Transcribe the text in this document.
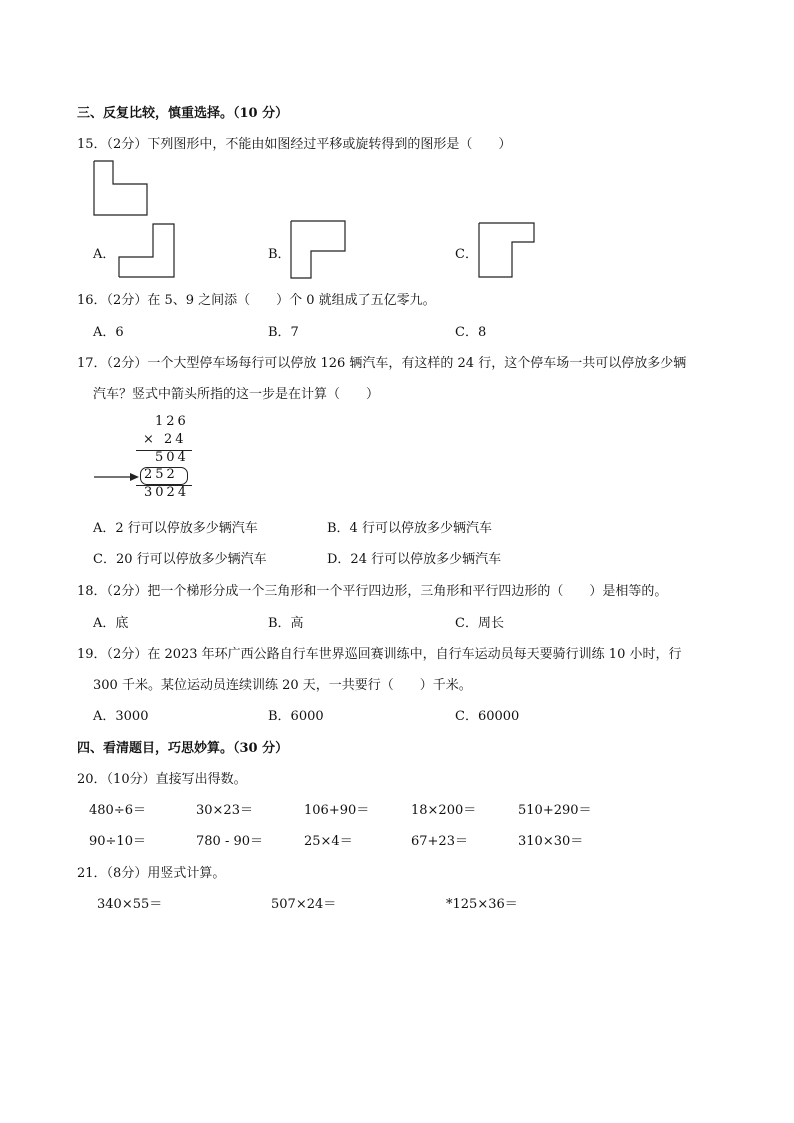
三、反复比较，慎重选择。（10 分）
15．（2分）下列图形中，不能由如图经过平移或旋转得到的图形是（　　）
A．	B．	C．
16．（2分）在 5、9 之间添（　　）个 0 就组成了五亿零九。
A．6	B．7	C．8
17．（2分）一个大型停车场每行可以停放 126 辆汽车，有这样的 24 行，这个停车场一共可以停放多少辆
汽车？竖式中箭头所指的这一步是在计算（　　）
126
× 24
504
252
3024
A．2 行可以停放多少辆汽车	B．4 行可以停放多少辆汽车
C．20 行可以停放多少辆汽车	D．24 行可以停放多少辆汽车
18．（2分）把一个梯形分成一个三角形和一个平行四边形，三角形和平行四边形的（　　）是相等的。
A．底	B．高	C．周长
19．（2分）在 2023 年环广西公路自行车世界巡回赛训练中，自行车运动员每天要骑行训练 10 小时，行
300 千米。某位运动员连续训练 20 天，一共要行（　　）千米。
A．3000	B．6000	C．60000
四、看清题目，巧思妙算。（30 分）
20．（10分）直接写出得数。
480÷6＝	30×23＝	106+90＝	18×200＝	510+290＝
90÷10＝	780 - 90＝	25×4＝	67+23＝	310×30＝
21．（8分）用竖式计算。
340×55＝	507×24＝	*125×36＝
